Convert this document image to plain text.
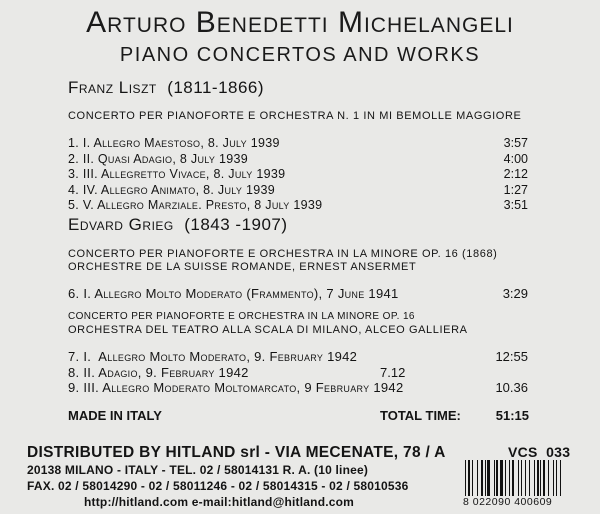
Arturo Benedetti Michelangeli
PIANO CONCERTOS AND WORKS
Franz Liszt (1811-1866)
CONCERTO PER PIANOFORTE E ORCHESTRA N. 1 IN MI BEMOLLE MAGGIORE
1. I. Allegro Maestoso, 8. July 1939	3:57
2. II. Quasi Adagio, 8 July 1939	4:00
3. III. Allegretto Vivace, 8. July 1939	2:12
4. IV. Allegro Animato, 8. July 1939	1:27
5. V. Allegro Marziale. Presto, 8 July 1939	3:51
Edvard Grieg (1843 -1907)
CONCERTO PER PIANOFORTE E ORCHESTRA IN LA MINORE OP. 16 (1868)
ORCHESTRE DE LA SUISSE ROMANDE, ERNEST ANSERMET
6. I. Allegro Molto Moderato (Frammento), 7 June 1941	3:29
CONCERTO PER PIANOFORTE E ORCHESTRA IN LA MINORE OP. 16
ORCHESTRA DEL TEATRO ALLA SCALA DI MILANO, ALCEO GALLIERA
7. I.  Allegro Molto Moderato, 9. February 1942	12:55
8. II. Adagio, 9. February 1942	7.12
9. III. Allegro Moderato Moltomarcato, 9 February 1942	10.36
MADE IN ITALY	TOTAL TIME:	51:15
DISTRIBUTED BY HITLAND srl - VIA MECENATE, 78 / A
20138 MILANO - ITALY - TEL. 02 / 58014131 R. A. (10 linee)
FAX. 02 / 58014290 - 02 / 58011246 - 02 / 58014315 - 02 / 58010536
http://hitland.com e-mail:hitland@hitland.com
VCS  033
8 022090 400609
